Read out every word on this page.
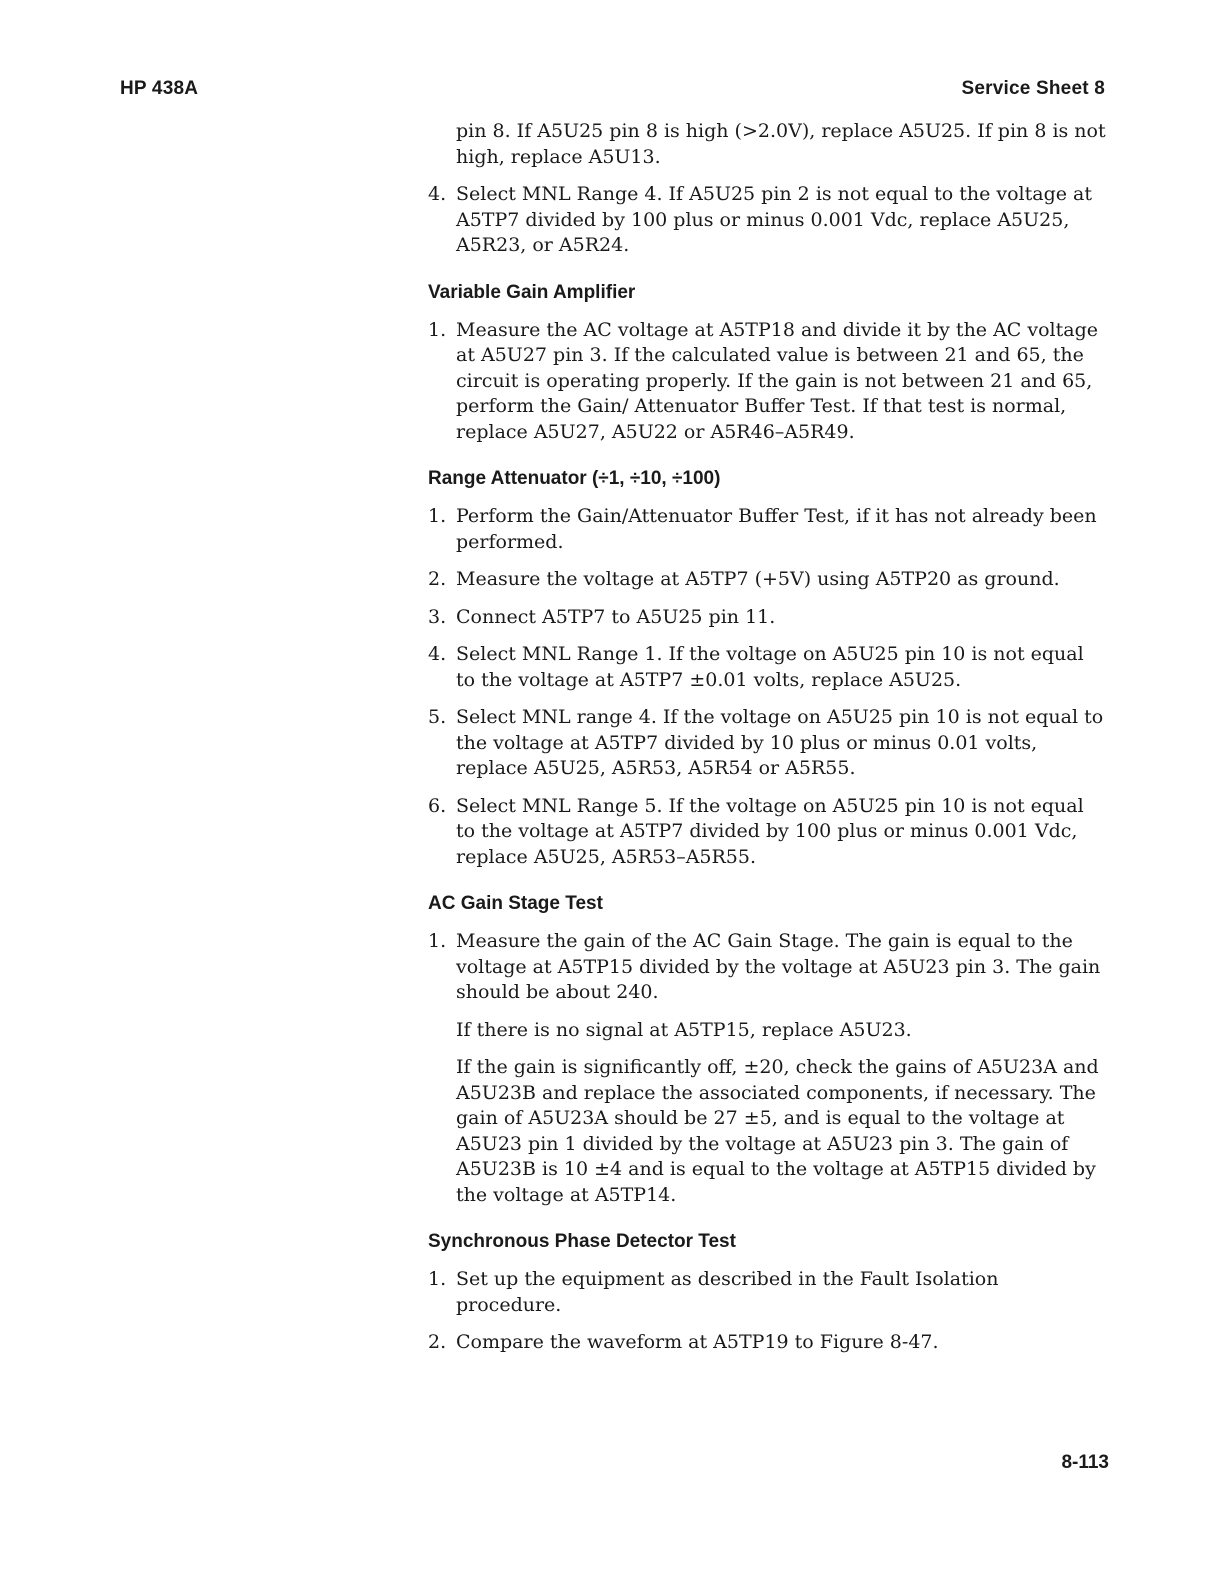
HP 438A	Service Sheet 8
pin 8. If A5U25 pin 8 is high (>2.0V), replace A5U25. If pin 8 is not high, replace A5U13.
4. Select MNL Range 4. If A5U25 pin 2 is not equal to the voltage at A5TP7 divided by 100 plus or minus 0.001 Vdc, replace A5U25, A5R23, or A5R24.
Variable Gain Amplifier
1. Measure the AC voltage at A5TP18 and divide it by the AC voltage at A5U27 pin 3. If the calculated value is between 21 and 65, the circuit is operating properly. If the gain is not between 21 and 65, perform the Gain/ Attenuator Buffer Test. If that test is normal, replace A5U27, A5U22 or A5R46–A5R49.
Range Attenuator (÷1, ÷10, ÷100)
1. Perform the Gain/Attenuator Buffer Test, if it has not already been performed.
2. Measure the voltage at A5TP7 (+5V) using A5TP20 as ground.
3. Connect A5TP7 to A5U25 pin 11.
4. Select MNL Range 1. If the voltage on A5U25 pin 10 is not equal to the voltage at A5TP7 ±0.01 volts, replace A5U25.
5. Select MNL range 4. If the voltage on A5U25 pin 10 is not equal to the voltage at A5TP7 divided by 10 plus or minus 0.01 volts, replace A5U25, A5R53, A5R54 or A5R55.
6. Select MNL Range 5. If the voltage on A5U25 pin 10 is not equal to the voltage at A5TP7 divided by 100 plus or minus 0.001 Vdc, replace A5U25, A5R53–A5R55.
AC Gain Stage Test
1. Measure the gain of the AC Gain Stage. The gain is equal to the voltage at A5TP15 divided by the voltage at A5U23 pin 3. The gain should be about 240.
If there is no signal at A5TP15, replace A5U23.
If the gain is significantly off, ±20, check the gains of A5U23A and A5U23B and replace the associated components, if necessary. The gain of A5U23A should be 27 ±5, and is equal to the voltage at A5U23 pin 1 divided by the voltage at A5U23 pin 3. The gain of A5U23B is 10 ±4 and is equal to the voltage at A5TP15 divided by the voltage at A5TP14.
Synchronous Phase Detector Test
1. Set up the equipment as described in the Fault Isolation procedure.
2. Compare the waveform at A5TP19 to Figure 8-47.
8-113
